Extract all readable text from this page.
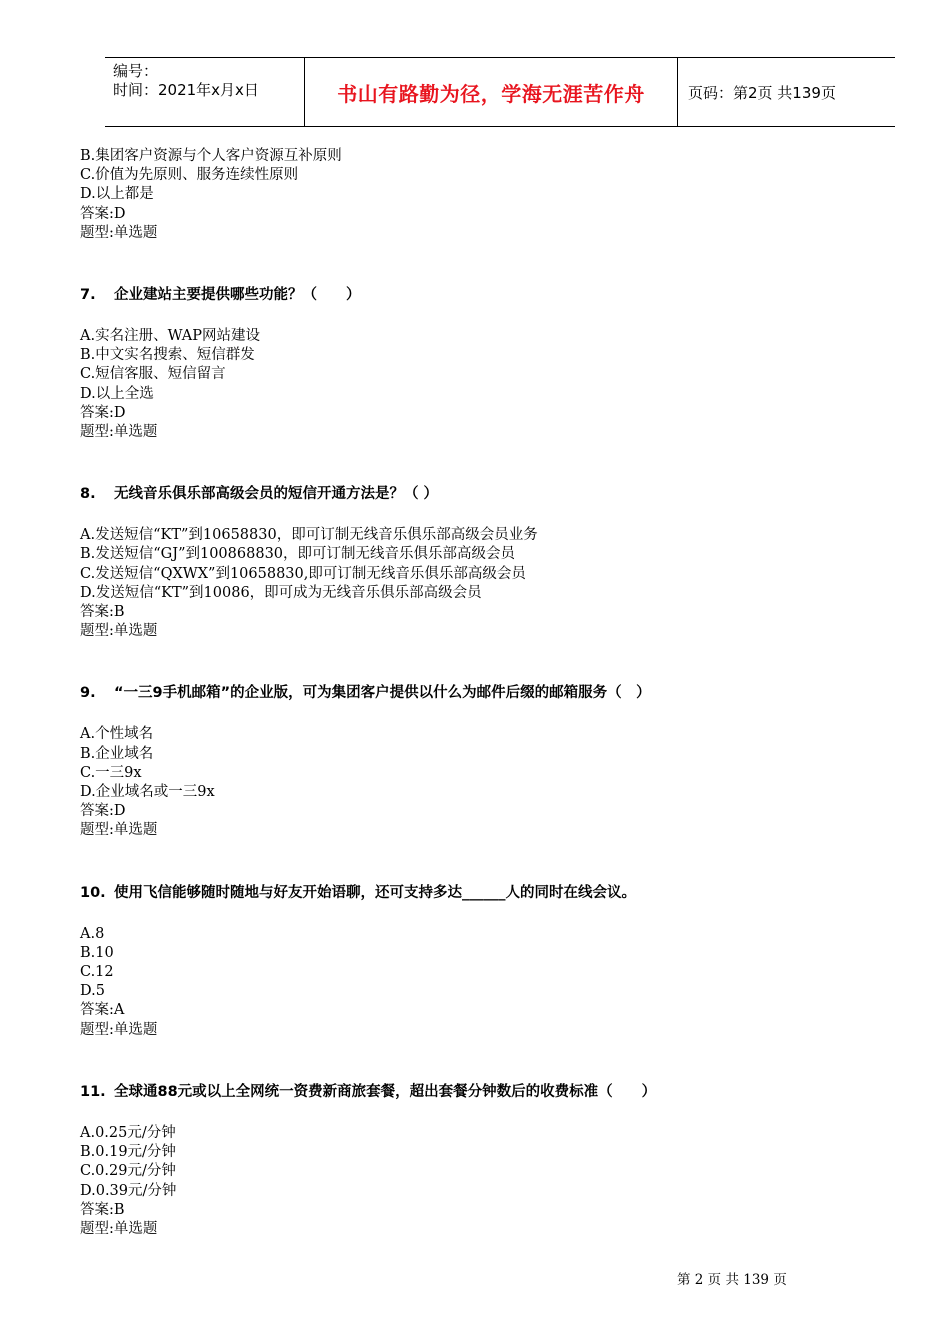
编号：
时间：2021年x月x日	书山有路勤为径，学海无涯苦作舟	页码：第2页 共139页
B.集团客户资源与个人客户资源互补原则
C.价值为先原则、服务连续性原则
D.以上都是
答案:D
题型:单选题
7. 企业建站主要提供哪些功能？（　　）
A.实名注册、WAP网站建设
B.中文实名搜索、短信群发
C.短信客服、短信留言
D.以上全选
答案:D
题型:单选题
8. 无线音乐俱乐部高级会员的短信开通方法是？（ ）
A.发送短信“KT”到10658830，即可订制无线音乐俱乐部高级会员业务
B.发送短信“GJ”到100868830，即可订制无线音乐俱乐部高级会员
C.发送短信“QXWX”到10658830,即可订制无线音乐俱乐部高级会员
D.发送短信“KT”到10086，即可成为无线音乐俱乐部高级会员
答案:B
题型:单选题
9. “一三9手机邮箱”的企业版，可为集团客户提供以什么为邮件后缀的邮箱服务（　）
A.个性域名
B.企业域名
C.一三9x
D.企业域名或一三9x
答案:D
题型:单选题
10. 使用飞信能够随时随地与好友开始语聊，还可支持多达______人的同时在线会议。
A.8
B.10
C.12
D.5
答案:A
题型:单选题
11. 全球通88元或以上全网统一资费新商旅套餐，超出套餐分钟数后的收费标准（　　）
A.0.25元/分钟
B.0.19元/分钟
C.0.29元/分钟
D.0.39元/分钟
答案:B
题型:单选题
第 2 页 共 139 页
